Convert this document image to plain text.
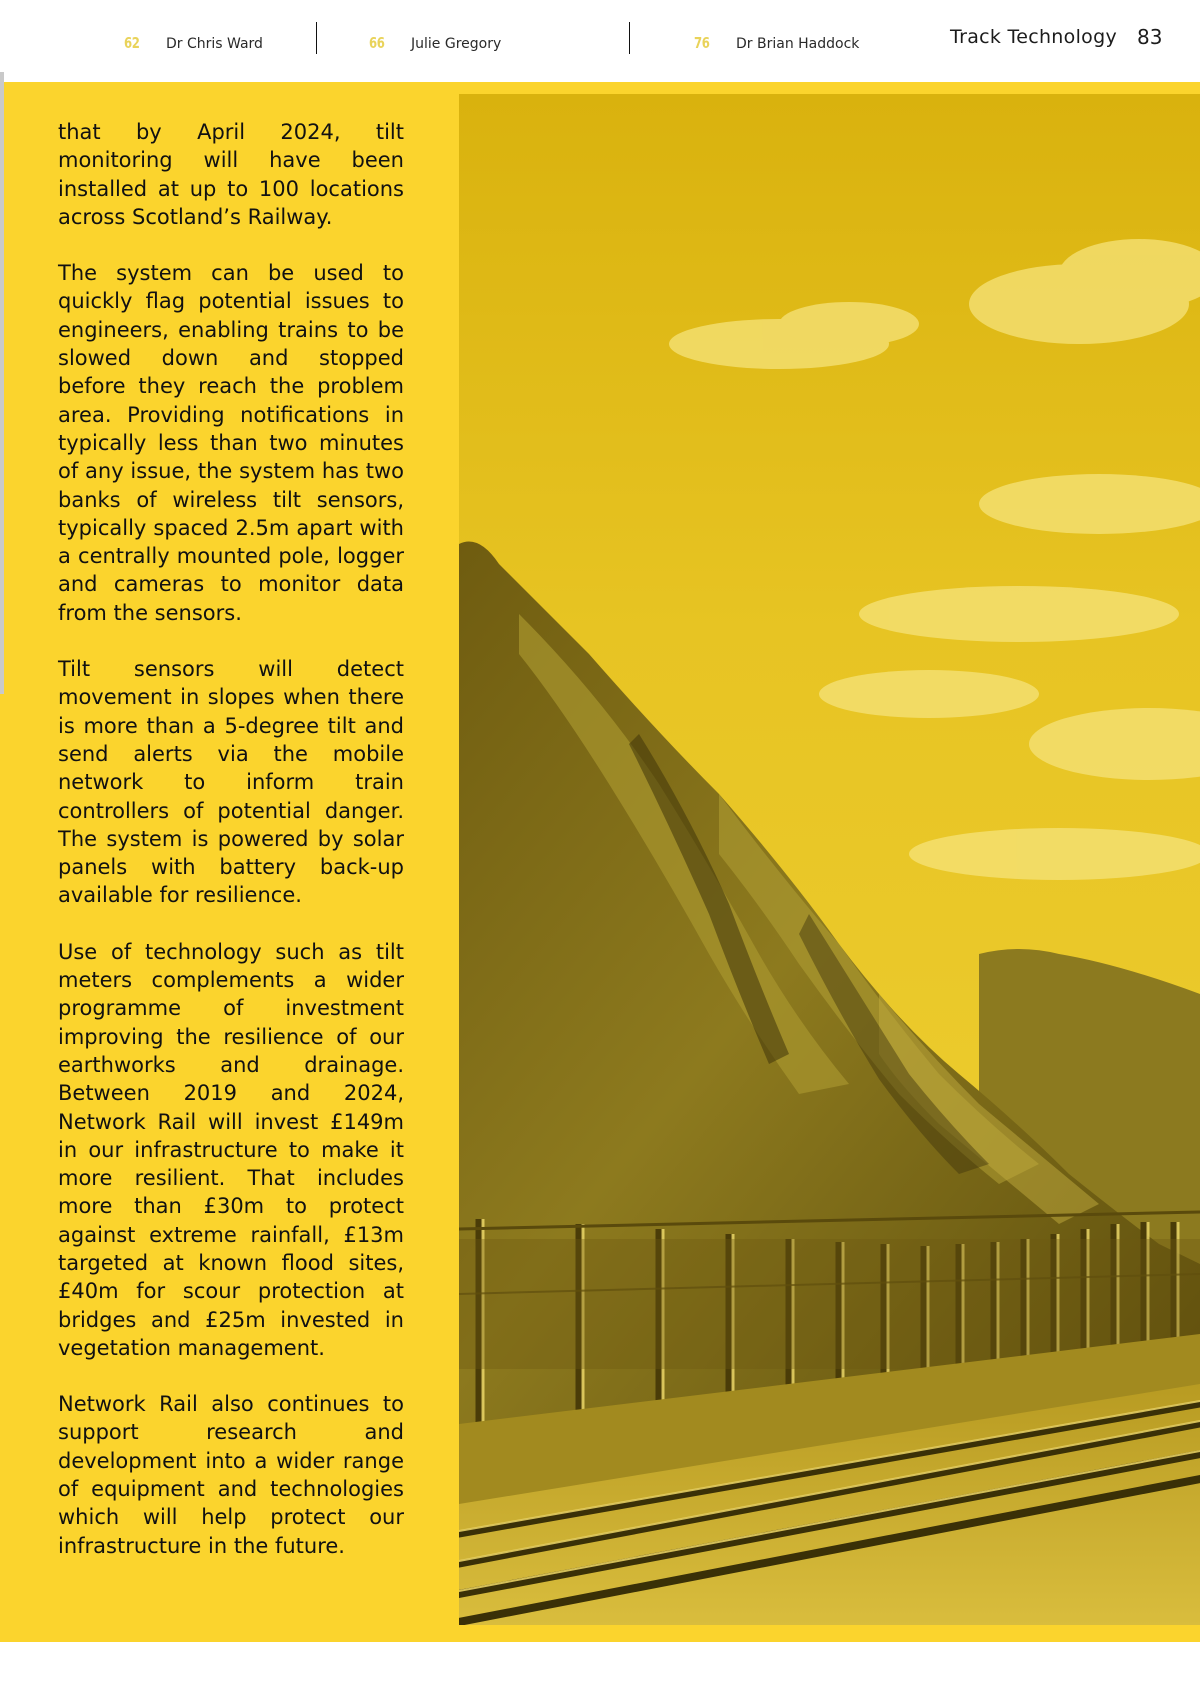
62	Dr Chris Ward	66	Julie Gregory	76	Dr Brian Haddock	Track Technology 83

that by April 2024, tilt monitoring will have been installed at up to 100 locations across Scotland’s Railway.

The system can be used to quickly flag potential issues to engineers, enabling trains to be slowed down and stopped before they reach the problem area. Providing notifications in typically less than two minutes of any issue, the system has two banks of wireless tilt sensors, typically spaced 2.5m apart with a centrally mounted pole, logger and cameras to monitor data from the sensors.

Tilt sensors will detect movement in slopes when there is more than a 5-degree tilt and send alerts via the mobile network to inform train controllers of potential danger. The system is powered by solar panels with battery back-up available for resilience.

Use of technology such as tilt meters complements a wider programme of investment improving the resilience of our earthworks and drainage. Between 2019 and 2024, Network Rail will invest £149m in our infrastructure to make it more resilient. That includes more than £30m to protect against extreme rainfall, £13m targeted at known flood sites, £40m for scour protection at bridges and £25m invested in vegetation management.

Network Rail also continues to support research and development into a wider range of equipment and technologies which will help protect our infrastructure in the future.
